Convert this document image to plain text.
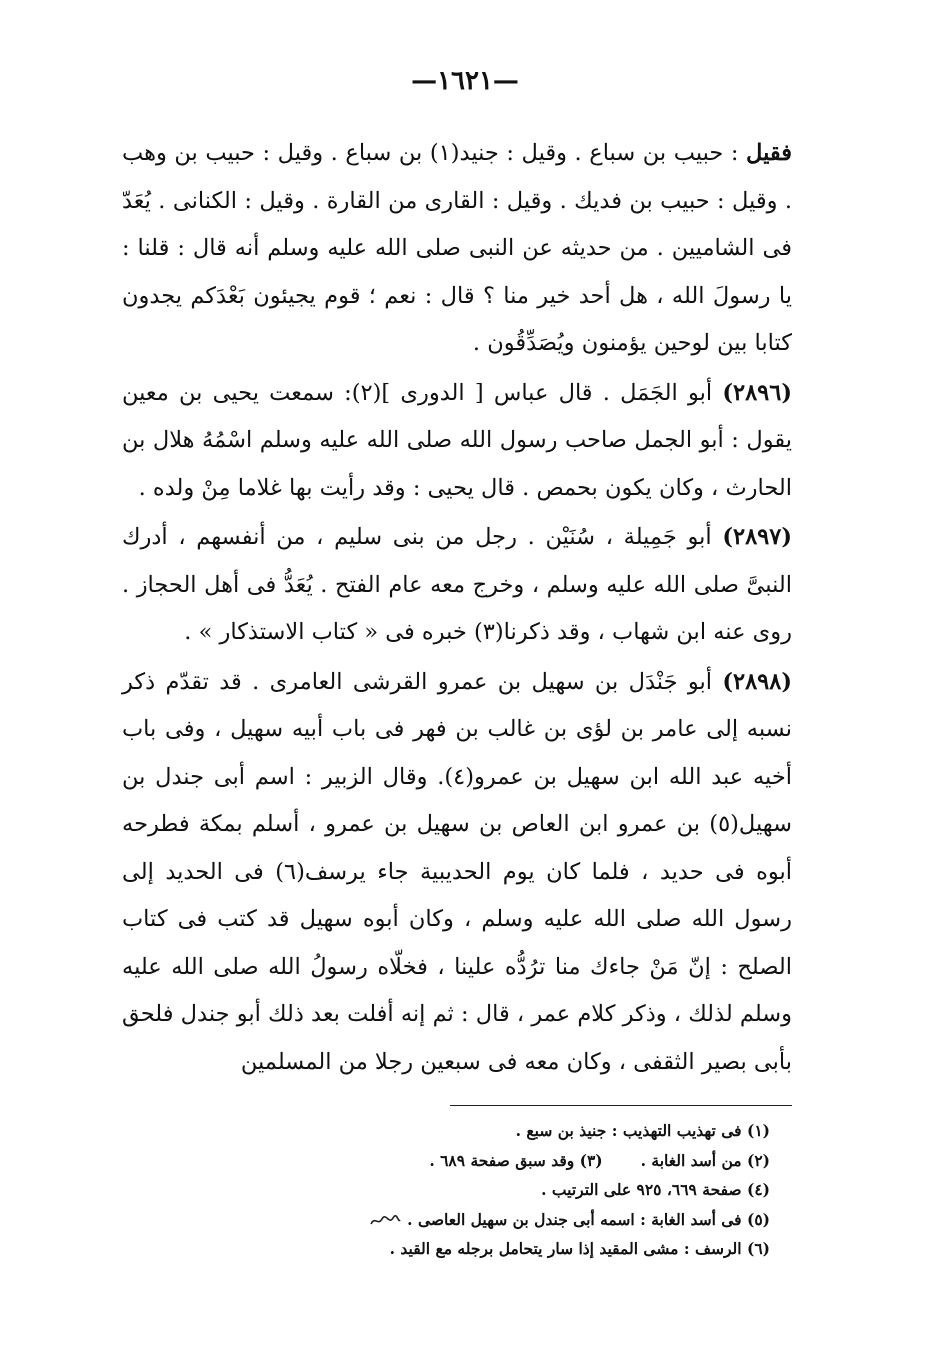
—١٦٢١—

فقيل : حبيب بن سباع . وقيل : جنيد(١) بن سباع . وقيل : حبيب بن وهب . وقيل : حبيب بن فديك . وقيل : القارى من القارة . وقيل : الكنانى . يُعَدّ فى الشاميين . من حديثه عن النبى صلى الله عليه وسلم أنه قال : قلنا : يا رسولَ الله ، هل أحد خير منا ؟ قال : نعم ؛ قوم يجيئون بَعْدَكم يجدون كتابا بين لوحين يؤمنون ويُصَدِّقُون .

(٢٨٩٦) أبو الجَمَل . قال عباس [ الدورى ](٢): سمعت يحيى بن معين يقول : أبو الجمل صاحب رسول الله صلى الله عليه وسلم اسْمُهُ هلال بن الحارث ، وكان يكون بحمص . قال يحيى : وقد رأيت بها غلاما مِنْ ولده .

(٢٨٩٧) أبو جَمِيلة ، سُنَيْن . رجل من بنى سليم ، من أنفسهم ، أدرك النبىَّ صلى الله عليه وسلم ، وخرج معه عام الفتح . يُعَدُّ فى أهل الحجاز . روى عنه ابن شهاب ، وقد ذكرنا(٣) خبره فى « كتاب الاستذكار » .

(٢٨٩٨) أبو جَنْدَل بن سهيل بن عمرو القرشى العامرى . قد تقدّم ذكر نسبه إلى عامر بن لؤى بن غالب بن فهر فى باب أبيه سهيل ، وفى باب أخيه عبد الله ابن سهيل بن عمرو(٤). وقال الزبير : اسم أبى جندل بن سهيل(٥) بن عمرو ابن العاص بن سهيل بن عمرو ، أسلم بمكة فطرحه أبوه فى حديد ، فلما كان يوم الحديبية جاء يرسف(٦) فى الحديد إلى رسول الله صلى الله عليه وسلم ، وكان أبوه سهيل قد كتب فى كتاب الصلح : إنّ مَنْ جاءك منا ترُدُّه علينا ، فخلّاه رسولُ الله صلى الله عليه وسلم لذلك ، وذكر كلام عمر ، قال : ثم إنه أفلت بعد ذلك أبو جندل فلحق بأبى بصير الثقفى ، وكان معه فى سبعين رجلا من المسلمين

(١) فى تهذيب التهذيب : جنيذ بن سبع .

(٢) من أسد الغابة .(٣) وقد سبق صفحة ٦٨٩ .

(٤) صفحة ٦٦٩، ٩٢٥ على الترتيب .

(٥) فى أسد الغابة : اسمه أبى جندل بن سهيل العاصى .

(٦) الرسف : مشى المقيد إذا سار يتحامل برجله مع القيد .
